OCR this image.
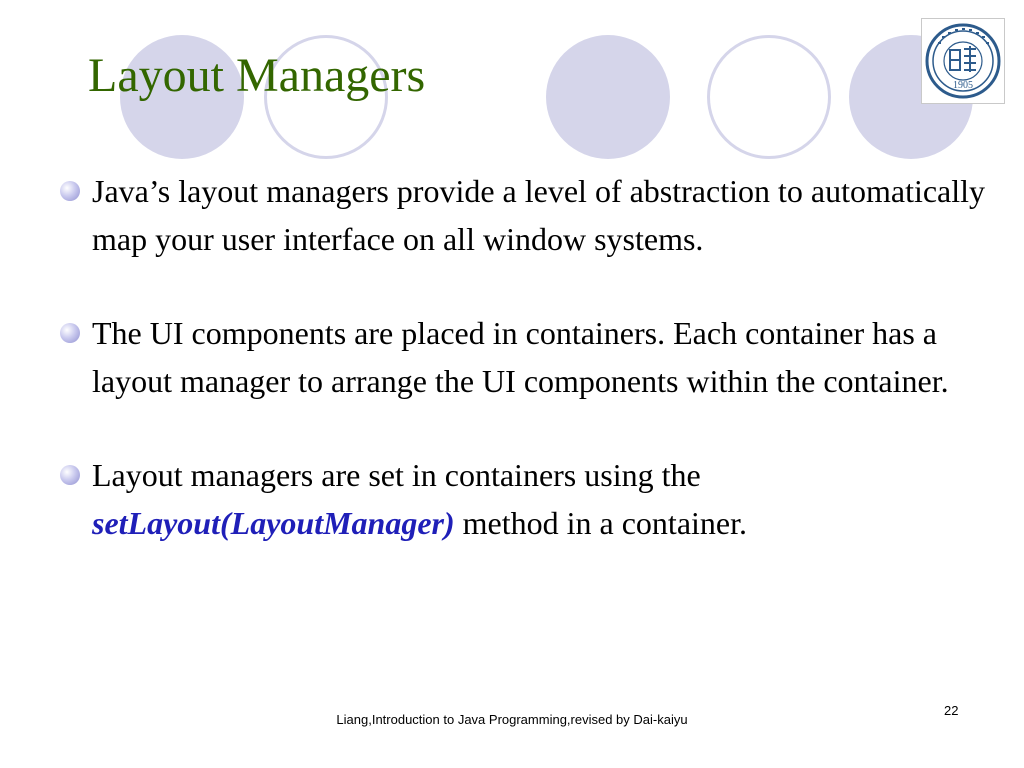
Layout Managers	1905
Java’s layout managers provide a level of abstraction to automatically map your user interface on all window systems.
The UI components are placed in containers. Each container has a layout manager to arrange the UI components within the container.
Layout managers are set in containers using the setLayout(LayoutManager) method in a container.
Liang,Introduction to Java Programming,revised by Dai-kaiyu
22
